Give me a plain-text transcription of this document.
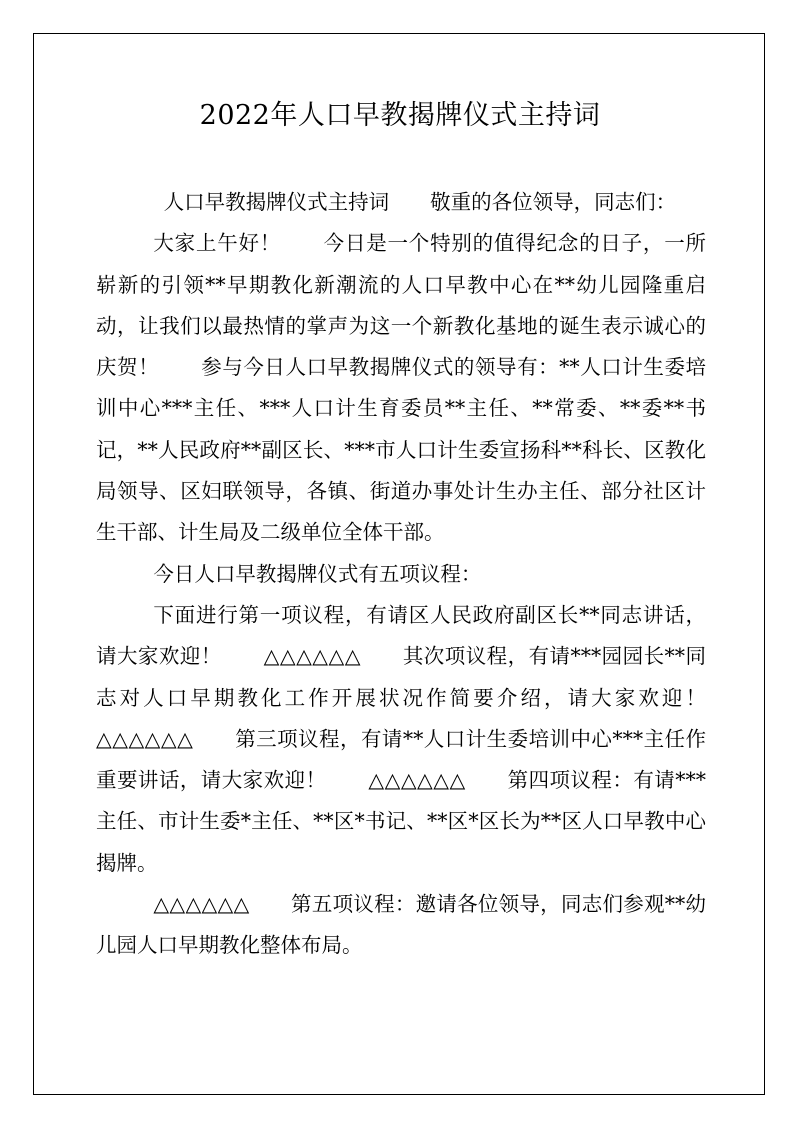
2022年人口早教揭牌仪式主持词

人口早教揭牌仪式主持词　　敬重的各位领导，同志们：

大家上午好！　　今日是一个特别的值得纪念的日子，一所崭新的引领**早期教化新潮流的人口早教中心在**幼儿园隆重启动，让我们以最热情的掌声为这一个新教化基地的诞生表示诚心的庆贺！　　参与今日人口早教揭牌仪式的领导有：**人口计生委培训中心***主任、***人口计生育委员**主任、**常委、**委**书记，**人民政府**副区长、***市人口计生委宣扬科**科长、区教化局领导、区妇联领导，各镇、街道办事处计生办主任、部分社区计生干部、计生局及二级单位全体干部。

今日人口早教揭牌仪式有五项议程：

下面进行第一项议程，有请区人民政府副区长**同志讲话，请大家欢迎！　　△△△△△△　　其次项议程，有请***园园长**同志对人口早期教化工作开展状况作简要介绍，请大家欢迎！　△△△△△△　　第三项议程，有请**人口计生委培训中心***主任作重要讲话，请大家欢迎！　　△△△△△△　　第四项议程：有请***主任、市计生委*主任、**区*书记、**区*区长为**区人口早教中心揭牌。

△△△△△△　　第五项议程：邀请各位领导，同志们参观**幼儿园人口早期教化整体布局。
